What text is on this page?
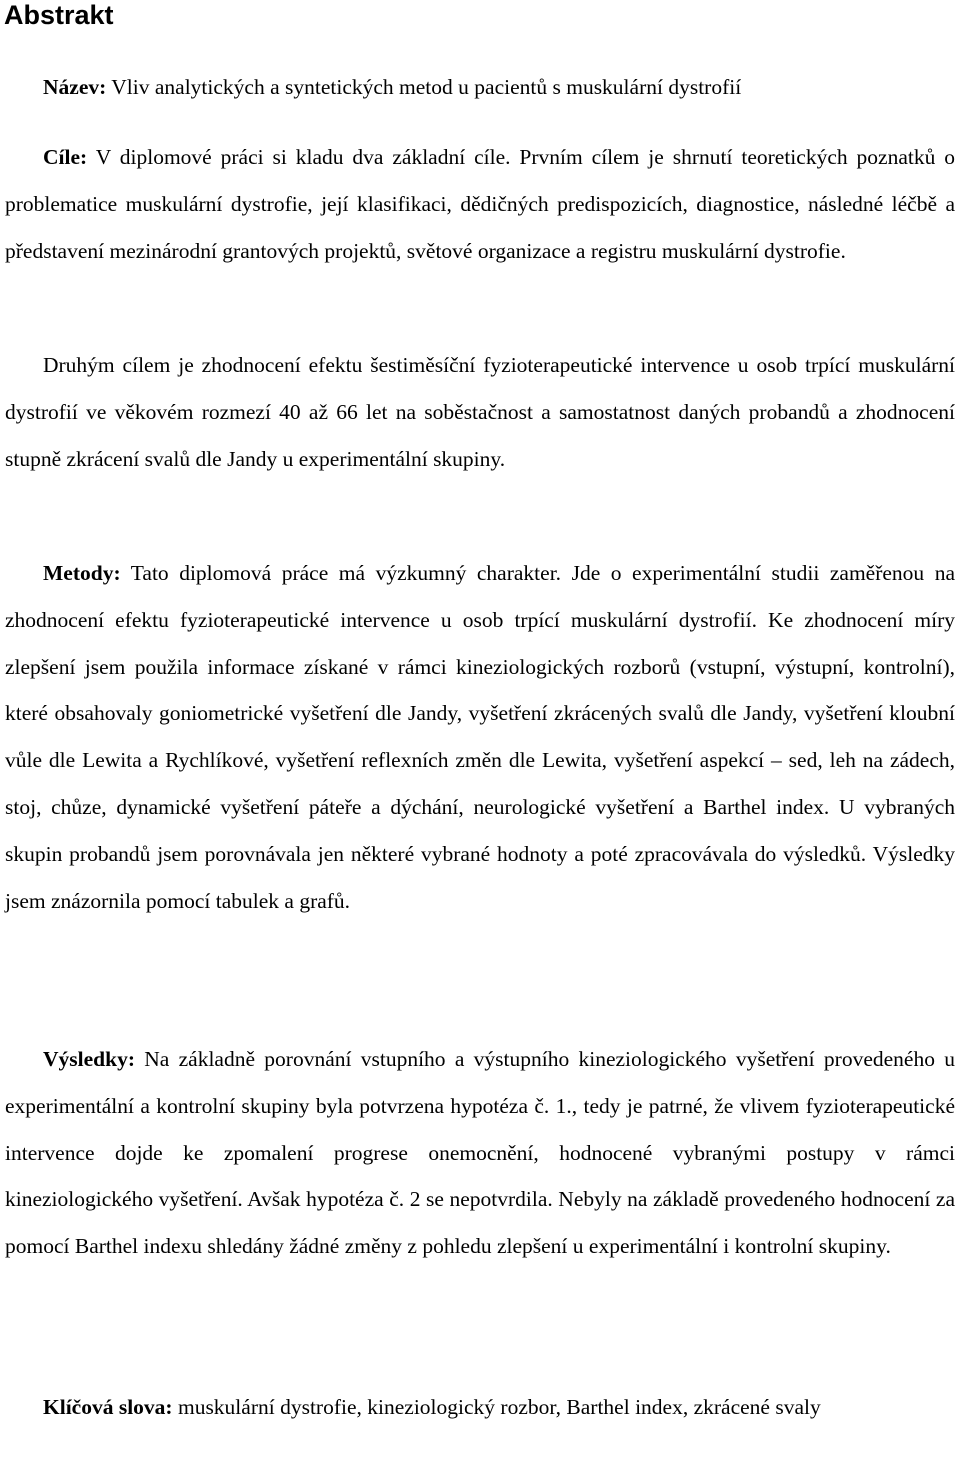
Abstrakt

Název: Vliv analytických a syntetických metod u pacientů s muskulární dystrofií

Cíle: V diplomové práci si kladu dva základní cíle. Prvním cílem je shrnutí teoretických poznatků o problematice muskulární dystrofie, její klasifikaci, dědičných predispozicích, diagnostice, následné léčbě a představení mezinárodní grantových projektů, světové organizace a registru muskulární dystrofie.

Druhým cílem je zhodnocení efektu šestiměsíční fyzioterapeutické intervence u osob trpící muskulární dystrofií ve věkovém rozmezí 40 až 66 let na soběstačnost a samostatnost daných probandů a zhodnocení stupně zkrácení svalů dle Jandy u experimentální skupiny.

Metody: Tato diplomová práce má výzkumný charakter. Jde o experimentální studii zaměřenou na zhodnocení efektu fyzioterapeutické intervence u osob trpící muskulární dystrofií. Ke zhodnocení míry zlepšení jsem použila informace získané v rámci kineziologických rozborů (vstupní, výstupní, kontrolní), které obsahovaly goniometrické vyšetření dle Jandy, vyšetření zkrácených svalů dle Jandy, vyšetření kloubní vůle dle Lewita a Rychlíkové, vyšetření reflexních změn dle Lewita, vyšetření aspekcí – sed, leh na zádech, stoj, chůze, dynamické vyšetření páteře a dýchání, neurologické vyšetření a Barthel index. U vybraných skupin probandů jsem porovnávala jen některé vybrané hodnoty a poté zpracovávala do výsledků. Výsledky jsem znázornila pomocí tabulek a grafů.

Výsledky: Na základně porovnání vstupního a výstupního kineziologického vyšetření provedeného u experimentální a kontrolní skupiny byla potvrzena hypotéza č. 1., tedy je patrné, že vlivem fyzioterapeutické intervence dojde ke zpomalení progrese onemocnění, hodnocené vybranými postupy v rámci kineziologického vyšetření. Avšak hypotéza č. 2 se nepotvrdila. Nebyly na základě provedeného hodnocení za pomocí Barthel indexu shledány žádné změny z pohledu zlepšení u experimentální i kontrolní skupiny.

Klíčová slova: muskulární dystrofie, kineziologický rozbor, Barthel index, zkrácené svaly
